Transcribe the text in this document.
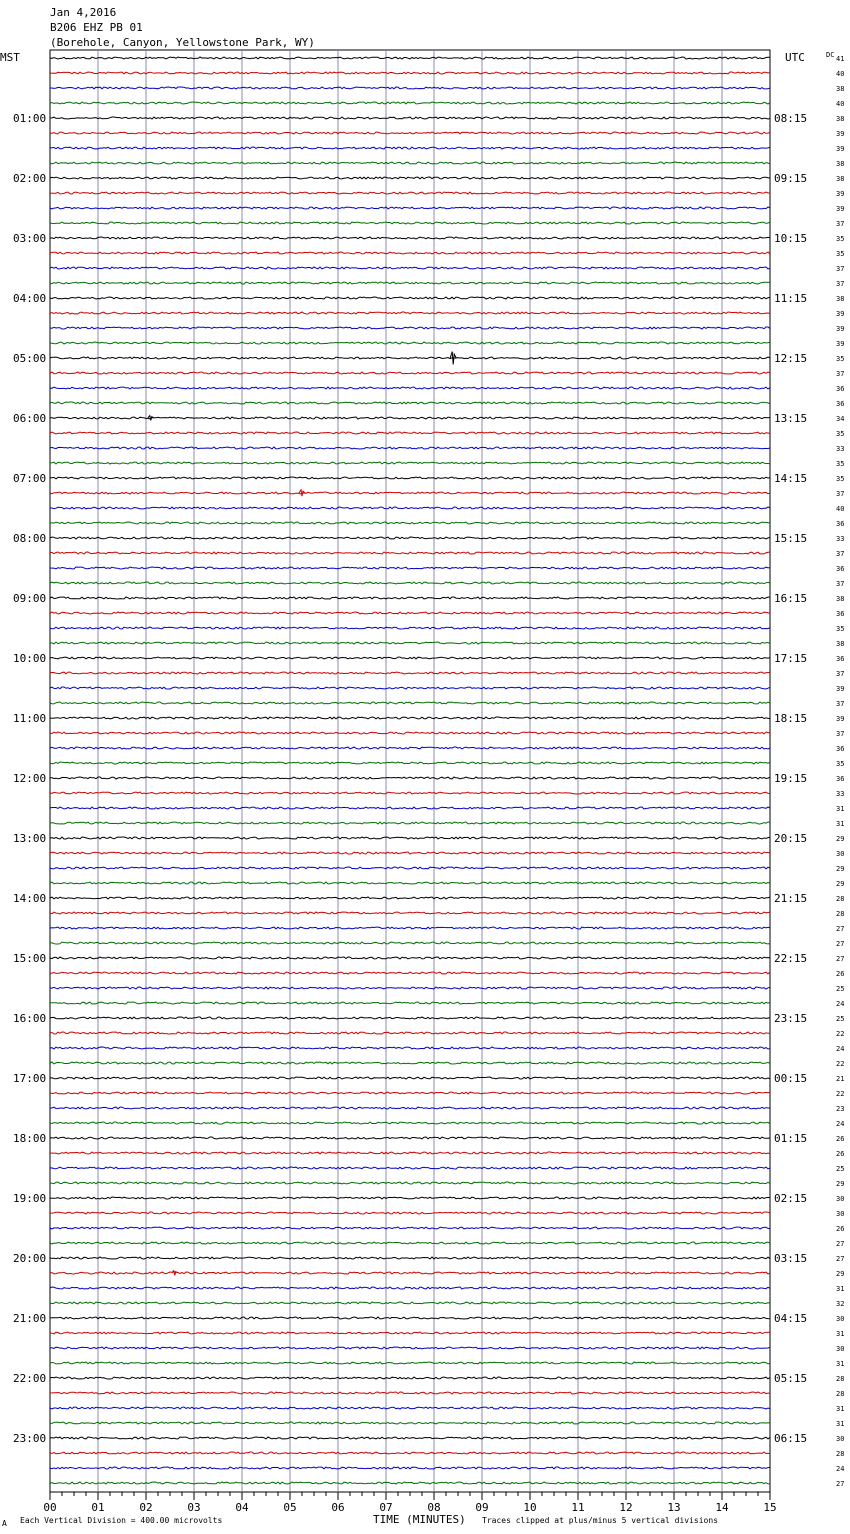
Jan 4,2016
B206 EHZ PB 01
(Borehole, Canyon, Yellowstone Park, WY)
MST	UTC	DC
01:00
02:00
03:00
04:00
05:00
06:00
07:00
08:00
09:00
10:00
11:00
12:00
13:00
14:00
15:00
16:00
17:00
18:00
19:00
20:00
21:00
22:00
23:00
08:15
09:15
10:15
11:15
12:15
13:15
14:15
15:15
16:15
17:15
18:15
19:15
20:15
21:15
22:15
23:15
00:15
01:15
02:15
03:15
04:15
05:15
06:15
41
40
38
40
38
39
39
38
38
39
39
37
35
35
37
37
38
39
39
39
35
37
36
36
34
35
33
35
35
37
40
36
33
37
36
37
38
36
35
38
36
37
39
37
39
37
36
35
36
33
31
31
29
30
29
29
28
28
27
27
27
26
25
24
25
22
24
22
21
22
23
24
26
26
25
29
30
30
26
27
27
29
31
32
30
31
30
31
28
28
31
31
30
28
24
27
00	01	02	03	04	05	06	07	08	09	10	11	12	13	14	15
TIME (MINUTES)
Each Vertical Division = 400.00 microvolts	Traces clipped at plus/minus 5 vertical divisions
A
